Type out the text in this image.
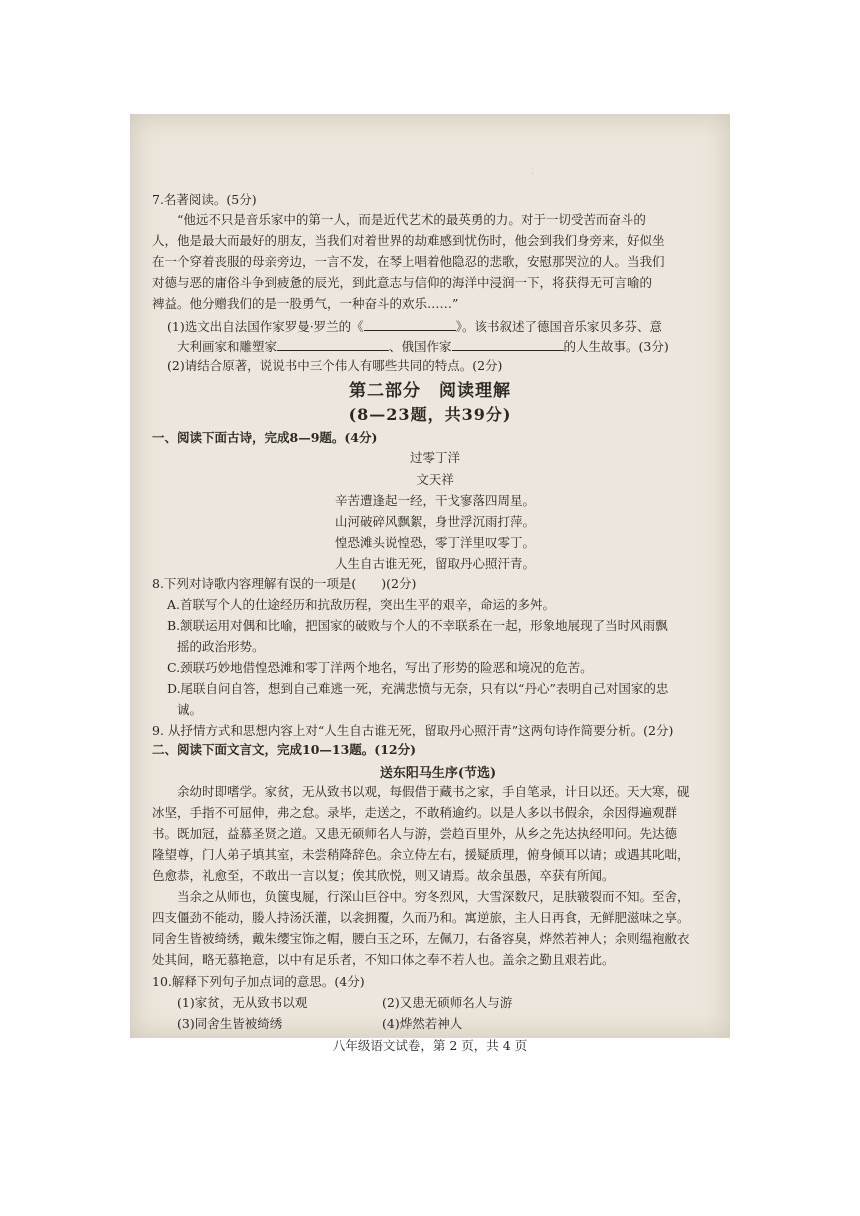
：　　　　　　　
7.名著阅读。(5分)
“他远不只是音乐家中的第一人，而是近代艺术的最英勇的力。对于一切受苦而奋斗的
人，他是最大而最好的朋友，当我们对着世界的劫难感到忧伤时，他会到我们身旁来，好似坐
在一个穿着丧服的母亲旁边，一言不发，在琴上唱着他隐忍的悲歌，安慰那哭泣的人。当我们
对德与恶的庸俗斗争到疲惫的辰光，到此意志与信仰的海洋中浸润一下，将获得无可言喻的
裨益。他分赠我们的是一股勇气，一种奋斗的欢乐……”
(1)选文出自法国作家罗曼·罗兰的《	》。该书叙述了德国音乐家贝多芬、意
大利画家和雕塑家	、俄国作家	的人生故事。(3分)
(2)请结合原著，说说书中三个伟人有哪些共同的特点。(2分)
第二部分　阅读理解
(8—23题，共39分)
一、阅读下面古诗，完成8—9题。(4分)
过零丁洋
文天祥
辛苦遭逢起一经，干戈寥落四周星。
山河破碎风飘絮，身世浮沉雨打萍。
惶恐滩头说惶恐，零丁洋里叹零丁。
人生自古谁无死，留取丹心照汗青。
8.下列对诗歌内容理解有误的一项是(　　)(2分)
A.首联写个人的仕途经历和抗敌历程，突出生平的艰辛，命运的多舛。
B.颔联运用对偶和比喻，把国家的破败与个人的不幸联系在一起，形象地展现了当时风雨飘
摇的政治形势。
C.颈联巧妙地借惶恐滩和零丁洋两个地名，写出了形势的险恶和境况的危苦。
D.尾联自问自答，想到自己难逃一死，充满悲愤与无奈，只有以“丹心”表明自己对国家的忠
诚。
9. 从抒情方式和思想内容上对“人生自古谁无死，留取丹心照汗青”这两句诗作简要分析。(2分)
二、阅读下面文言文，完成10—13题。(12分)
送东阳马生序(节选)
余幼时即嗜学。家贫，无从致书以观，每假借于藏书之家，手自笔录，计日以还。天大寒，砚
冰坚，手指不可屈伸，弗之怠。录毕，走送之，不敢稍逾约。以是人多以书假余，余因得遍观群
书。既加冠，益慕圣贤之道。又患无硕师名人与游，尝趋百里外，从乡之先达执经叩问。先达德
隆望尊，门人弟子填其室，未尝稍降辞色。余立侍左右，援疑质理，俯身倾耳以请；或遇其叱咄，
色愈恭，礼愈至，不敢出一言以复；俟其欣悦，则又请焉。故余虽愚，卒获有所闻。
当余之从师也，负箧曳屣，行深山巨谷中。穷冬烈风，大雪深数尺，足肤皲裂而不知。至舍，
四支僵劲不能动，媵人持汤沃灌，以衾拥覆，久而乃和。寓逆旅，主人日再食，无鲜肥滋味之享。
同舍生皆被绮绣，戴朱缨宝饰之帽，腰白玉之环，左佩刀，右备容臭，烨然若神人；余则缊袍敝衣
处其间，略无慕艳意，以中有足乐者，不知口体之奉不若人也。盖余之勤且艰若此。
10.解释下列句子加点词的意思。(4分)
(1)家贫，无从致书以观	(2)又患无硕师名人与游
(3)同舍生皆被绮绣	(4)烨然若神人
八年级语文试卷，第 2 页，共 4 页
